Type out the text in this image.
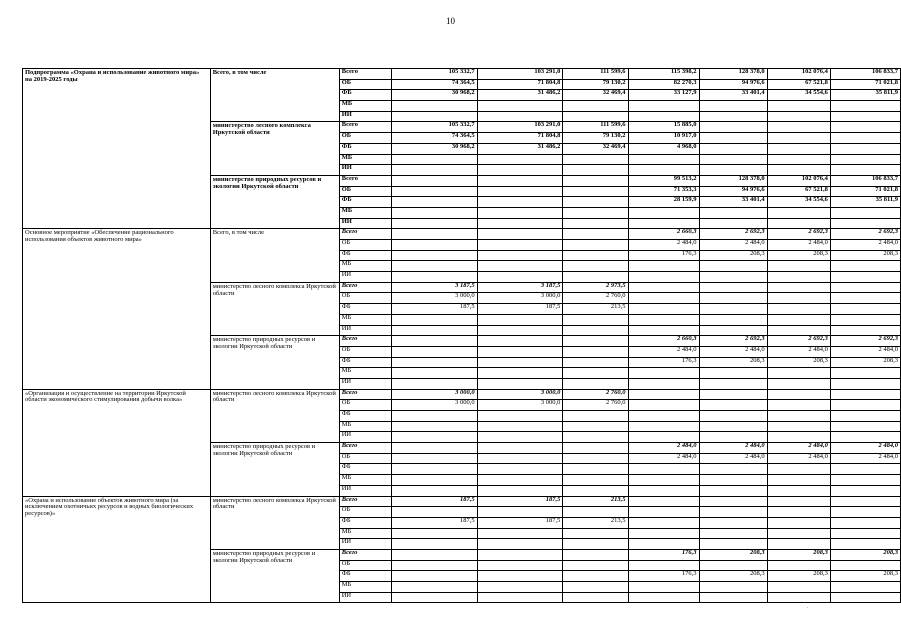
10
Подпрограмма «Охрана и использование животного мира» на 2019-2025 годы	Всего, в том числе	Всего	105 332,7	103 291,0	111 599,6	115 398,2	128 378,0	102 076,4	106 833,7
		ОБ	74 364,5	71 804,8	79 130,2	82 270,3	94 976,6	67 521,8	71 021,8
		ФБ	30 968,2	31 486,2	32 469,4	33 127,9	33 401,4	34 554,6	35 811,9
		МБ							
		ИИ							
	министерство лесного комплекса Иркутской области	Всего	105 332,7	103 291,0	111 599,6	15 885,0			
		ОБ	74 364,5	71 804,8	79 130,2	10 917,0			
		ФБ	30 968,2	31 486,2	32 469,4	4 968,0			
		МБ							
		ИИ							
	министерство природных ресурсов и экологии Иркутской области	Всего				99 513,2	128 378,0	102 076,4	106 833,7
		ОБ				71 353,3	94 976,6	67 521,8	71 021,8
		ФБ				28 159,9	33 401,4	34 554,6	35 811,9
		МБ							
		ИИ							
Основное мероприятие «Обеспечение рационального использования объектов животного мира»	Всего, в том числе	Всего				2 660,3	2 692,3	2 692,3	2 692,3
		ОБ				2 484,0	2 484,0	2 484,0	2 484,0
		ФБ				176,3	208,3	208,3	208,3
		МБ							
		ИИ							
	министерство лесного комплекса Иркутской области	Всего	3 187,5	3 187,5	2 973,5				
		ОБ	3 000,0	3 000,0	2 760,0				
		ФБ	187,5	187,5	213,5				
		МБ							
		ИИ							
	министерство природных ресурсов и экологии Иркутской области	Всего				2 660,3	2 692,3	2 692,3	2 692,3
		ОБ				2 484,0	2 484,0	2 484,0	2 484,0
		ФБ				176,3	208,3	208,3	208,3
		МБ							
		ИИ							
«Организация и осуществление на территории Иркутской области экономического стимулирования добычи волка»	министерство лесного комплекса Иркутской области	Всего	3 000,0	3 000,0	2 760,0				
		ОБ	3 000,0	3 000,0	2 760,0				
		ФБ							
		МБ							
		ИИ							
	министерство природных ресурсов и экологии Иркутской области	Всего				2 484,0	2 484,0	2 484,0	2 484,0
		ОБ				2 484,0	2 484,0	2 484,0	2 484,0
		ФБ							
		МБ							
		ИИ							
«Охрана и использование объектов животного мира (за исключением охотничьих ресурсов и водных биологических ресурсов)»	министерство лесного комплекса Иркутской области	Всего	187,5	187,5	213,5				
		ОБ							
		ФБ	187,5	187,5	213,5				
		МБ							
		ИИ							
	министерство природных ресурсов и экологии Иркутской области	Всего				176,3	208,3	208,3	208,3
		ОБ							
		ФБ				176,3	208,3	208,3	208,3
		МБ							
		ИИ							
·
